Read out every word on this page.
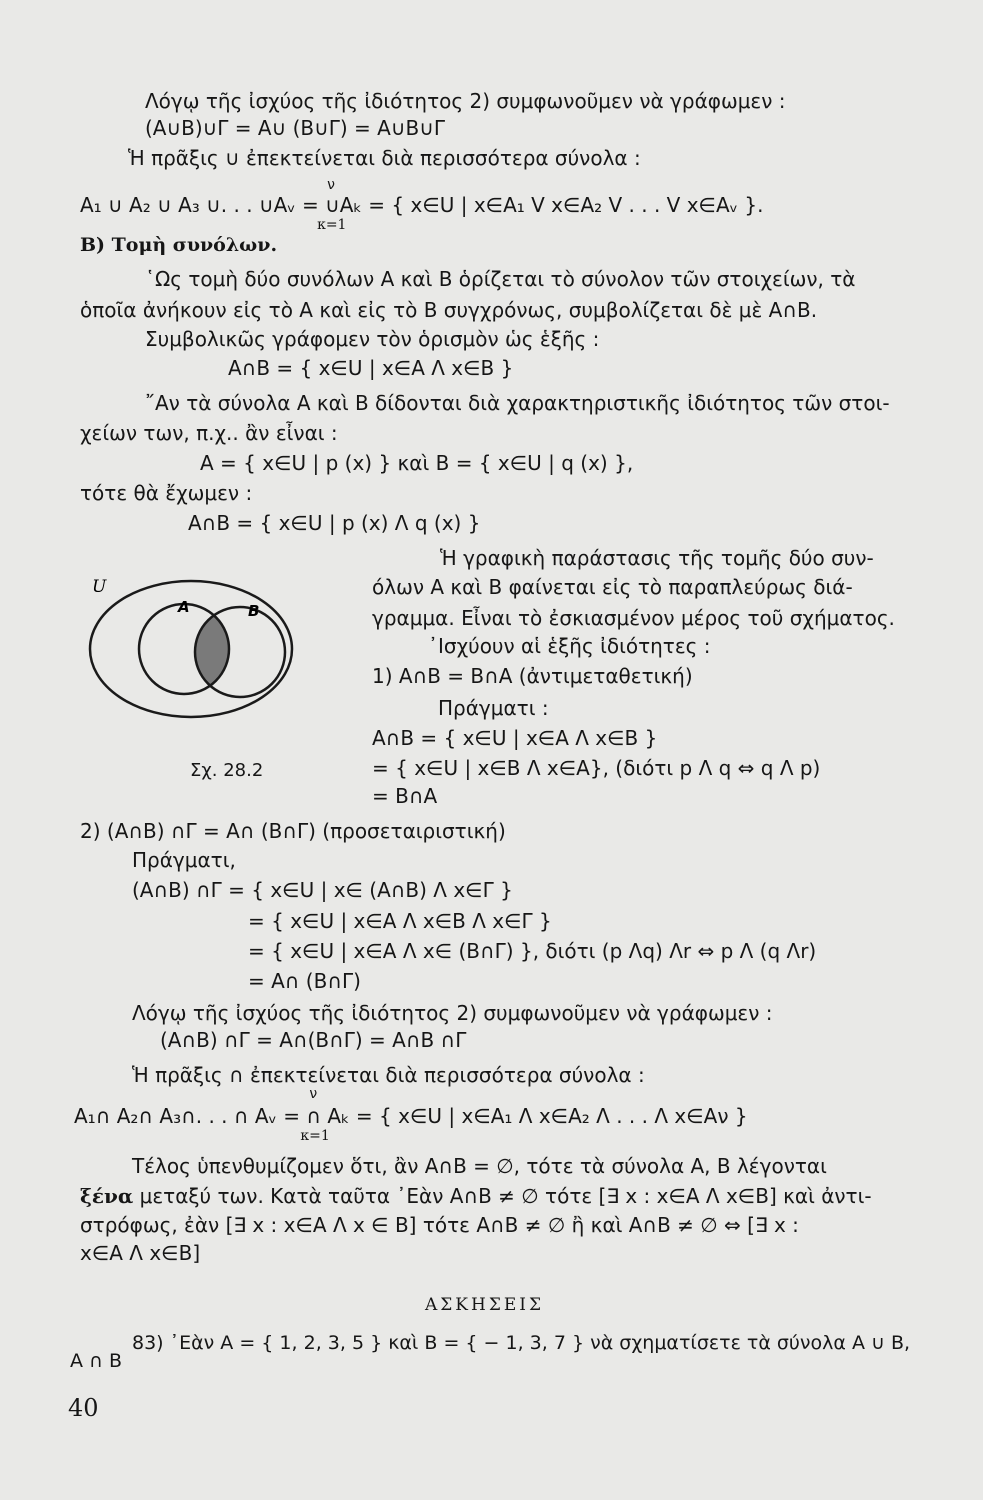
Λόγῳ τῆς ἰσχύος τῆς ἰδιότητος 2) συμφωνοῦμεν νὰ γράφωμεν :
(A∪B)∪Γ = A∪ (B∪Γ) = A∪B∪Γ
Ἡ πρᾶξις ∪ ἐπεκτείνεται διὰ περισσότερα σύνολα :
A₁ ∪ A₂ ∪ A₃ ∪. . . ∪Aᵥ = ∪Aₖ
ν
κ=1
= { x∈U | x∈A₁ V x∈A₂ V . . . V x∈Aᵥ }.
Β) Τομὴ συνόλων.
῾Ως τομὴ δύο συνόλων A καὶ B ὁρίζεται τὸ σύνολον τῶν στοιχείων, τὰ
ὁποῖα ἀνήκουν εἰς τὸ A καὶ εἰς τὸ B συγχρόνως, συμβολίζεται δὲ μὲ A∩B.
Συμβολικῶς γράφομεν τὸν ὁρισμὸν ὡς ἑξῆς :
A∩B = { x∈U | x∈A Λ x∈B }
῎Αν τὰ σύνολα A καὶ B δίδονται διὰ χαρακτηριστικῆς ἰδιότητος τῶν στοι-
χείων των, π.χ.. ἂν εἶναι :
A = { x∈U | p (x) } καὶ B = { x∈U | q (x) },
τότε θὰ ἔχωμεν :
A∩B = { x∈U | p (x) Λ q (x) }
Ἡ γραφικὴ παράστασις τῆς τομῆς δύο συν-
όλων A καὶ B φαίνεται εἰς τὸ παραπλεύρως διά-
γραμμα. Εἶναι τὸ ἐσκιασμένον μέρος τοῦ σχήματος.
᾿Ισχύουν αἱ ἑξῆς ἰδιότητες :
1) A∩B = B∩A (ἀντιμεταθετική)
Πράγματι :
A∩B = { x∈U | x∈A Λ x∈B }
= { x∈U | x∈B Λ x∈A}, (διότι p Λ q ⇔ q Λ p)
= B∩A
U
A	B
Σχ. 28.2
2) (A∩B) ∩Γ = A∩ (B∩Γ) (προσεταιριστική)
Πράγματι,
(A∩B) ∩Γ = { x∈U | x∈ (A∩B) Λ x∈Γ }
= { x∈U | x∈A Λ x∈B Λ x∈Γ }
= { x∈U | x∈A Λ x∈ (B∩Γ) }, διότι (p Λq) Λr ⇔ p Λ (q Λr)
= A∩ (B∩Γ)
Λόγῳ τῆς ἰσχύος τῆς ἰδιότητος 2) συμφωνοῦμεν νὰ γράφωμεν :
(A∩B) ∩Γ = A∩(B∩Γ) = A∩B ∩Γ
Ἡ πρᾶξις ∩ ἐπεκτείνεται διὰ περισσότερα σύνολα :
A₁∩ A₂∩ A₃∩. . . ∩ Aᵥ = ∩ Aₖ
ν
κ=1
= { x∈U | x∈A₁ Λ x∈A₂ Λ . . . Λ x∈Aν }
Τέλος ὑπενθυμίζομεν ὅτι, ἂν A∩B = ∅, τότε τὰ σύνολα A, B λέγονται
ξένα μεταξύ των. Κατὰ ταῦτα ᾿Εὰν A∩B ≠ ∅ τότε [∃ x : x∈A Λ x∈B] καὶ ἀντι-
στρόφως, ἐὰν [∃ x : x∈A Λ x ∈ B] τότε A∩B ≠ ∅ ἢ καὶ A∩B ≠ ∅ ⇔ [∃ x :
x∈A Λ x∈B]
ΑΣΚΗΣΕΙΣ
83) ᾿Εὰν A = { 1, 2, 3, 5 } καὶ B = { − 1, 3, 7 } νὰ σχηματίσετε τὰ σύνολα A ∪ B,
A ∩ B
40
